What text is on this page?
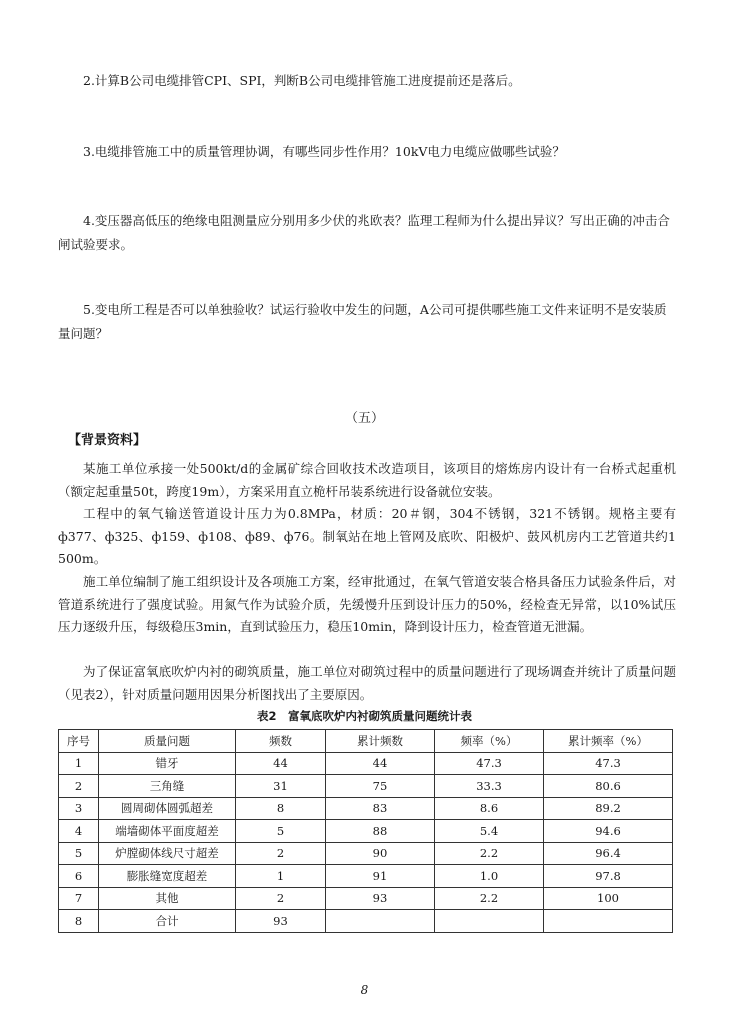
2.计算B公司电缆排管CPI、SPI，判断B公司电缆排管施工进度提前还是落后。

3.电缆排管施工中的质量管理协调，有哪些同步性作用？10kV电力电缆应做哪些试验？

4.变压器高低压的绝缘电阻测量应分别用多少伏的兆欧表？监理工程师为什么提出异议？写出正确的冲击合闸试验要求。

5.变电所工程是否可以单独验收？试运行验收中发生的问题，A公司可提供哪些施工文件来证明不是安装质量问题？

（五）
【背景资料】

某施工单位承接一处500kt/d的金属矿综合回收技术改造项目，该项目的熔炼房内设计有一台桥式起重机（额定起重量50t，跨度19m），方案采用直立桅杆吊装系统进行设备就位安装。

工程中的氧气输送管道设计压力为0.8MPa，材质：20＃钢，304不锈钢，321不锈钢。规格主要有ф377、ф325、ф159、ф108、ф89、ф76。制氧站在地上管网及底吹、阳极炉、鼓风机房内工艺管道共约1 500m。

施工单位编制了施工组织设计及各项施工方案，经审批通过，在氧气管道安装合格具备压力试验条件后，对管道系统进行了强度试验。用氮气作为试验介质，先缓慢升压到设计压力的50%，经检查无异常，以10%试压压力逐级升压，每级稳压3min，直到试验压力，稳压10min，降到设计压力，检查管道无泄漏。

为了保证富氧底吹炉内衬的砌筑质量，施工单位对砌筑过程中的质量问题进行了现场调查并统计了质量问题（见表2），针对质量问题用因果分析图找出了主要原因。

表2　富氧底吹炉内衬砌筑质量问题统计表
序号	质量问题	频数	累计频数	频率（%）	累计频率（%）
1	错牙	44	44	47.3	47.3
2	三角缝	31	75	33.3	80.6
3	圆周砌体圆弧超差	8	83	8.6	89.2
4	端墙砌体平面度超差	5	88	5.4	94.6
5	炉膛砌体线尺寸超差	2	90	2.2	96.4
6	膨胀缝宽度超差	1	91	1.0	97.8
7	其他	2	93	2.2	100
8	合计	93			
8
